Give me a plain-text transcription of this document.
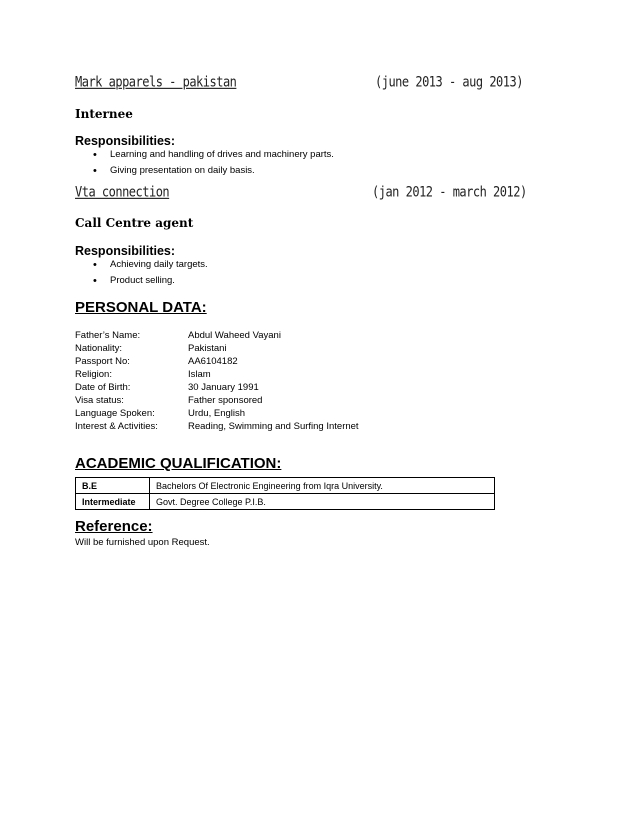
Mark apparels - pakistan	(june 2013 - aug 2013)
Internee
Responsibilities:
• Learning and handling of drives and machinery parts.
• Giving presentation on daily basis.
Vta connection	(jan 2012 - march 2012)
Call Centre agent
Responsibilities:
• Achieving daily targets.
• Product selling.
PERSONAL DATA:
Father’s Name:	Abdul Waheed Vayani
Nationality:	Pakistani
Passport No:	AA6104182
Religion:	Islam
Date of Birth:	30 January 1991
Visa status:	Father sponsored
Language Spoken:	Urdu, English
Interest & Activities:	Reading, Swimming and Surfing Internet
ACADEMIC QUALIFICATION:
B.E	Bachelors Of Electronic Engineering from Iqra University.
Intermediate	Govt. Degree College P.I.B.
Reference:
Will be furnished upon Request.
